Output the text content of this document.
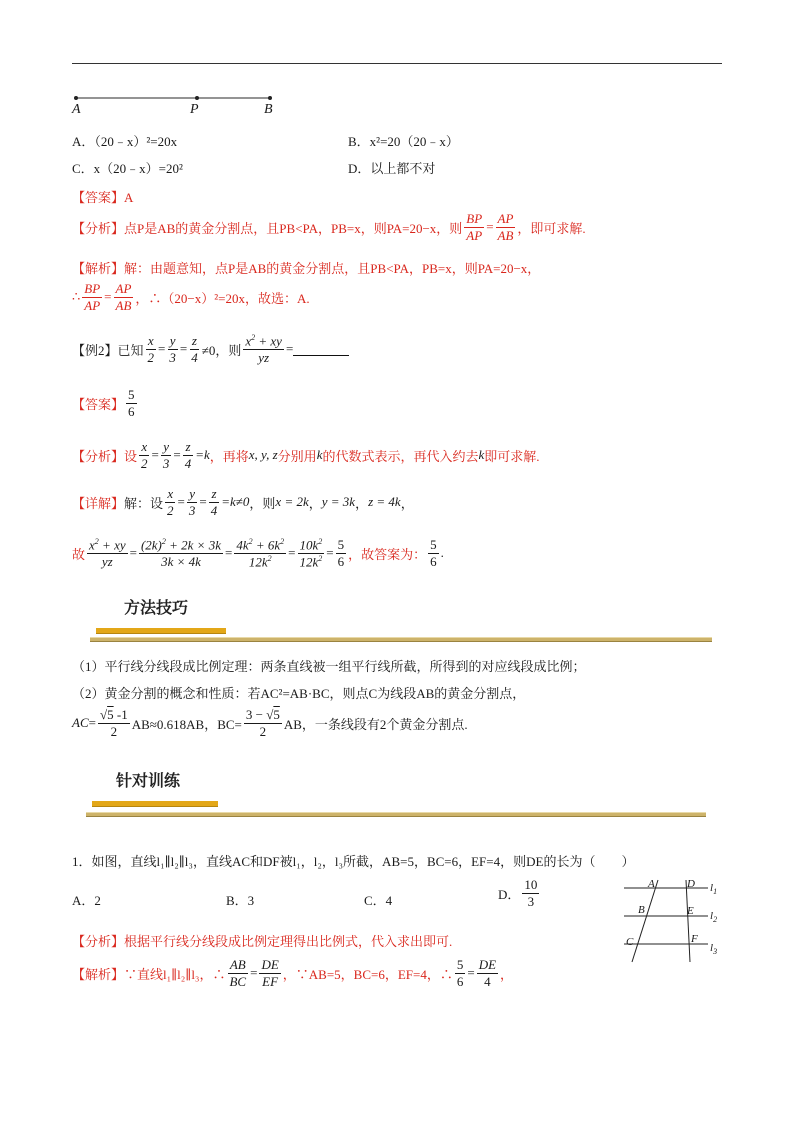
A	P	B
A．（20﹣x）²=20x	B．x²=20（20﹣x）
C．x（20﹣x）=20²	D．以上都不对
【答案】A
【分析】 点P是AB的黄金分割点，且PB<PA，PB=x，则PA=20−x，则 $\frac{BP}{AP} = \frac{AP}{AB}$ ，即可求解.
【解析】解：由题意知，点P是AB的黄金分割点，且PB<PA，PB=x，则PA=20−x，
∴ $\frac{BP}{AP} = \frac{AP}{AB}$ ，∴（20−x）²=20x，故选：A.
【例2】已知 $\frac{x}{2} = \frac{y}{3} = \frac{z}{4} \ne 0$，则 $\frac{x^2 + xy}{yz}$ =
【答案】 $\frac{5}{6}$
【分析】 设 $\frac{x}{2} = \frac{y}{3} = \frac{z}{4} =k$ ，再将 x, y, z 分别用 k 的代数式表示，再代入约去 k 即可求解.
【详解】 解：设 $\frac{x}{2} = \frac{y}{3} = \frac{z}{4} =k\ne 0$ ，则 x = 2k ， y = 3k ， z = 4k ，
故 $\frac{x^2 + xy}{yz} = \frac{(2k)^2 + 2k \times 3k}{3k \times 4k} = \frac{4k^2 + 6k^2}{12k^2} = \frac{10k^2}{12k^2} = \frac{5}{6}$ ，故答案为： $\frac{5}{6}$ .
方法技巧
（1）平行线分线段成比例定理：两条直线被一组平行线所截，所得到的对应线段成比例；
（2）黄金分割的概念和性质：若AC²=AB·BC，则点C为线段AB的黄金分割点，
AC = $\frac{√5 -1}{2} AB\approx 0.618AB$，$BC= \frac{3 - √5}{2}$ AB，一条线段有2个黄金分割点.
针对训练
1．如图，直线l₁∥l₂∥l₃，直线AC和DF被l₁，l₂，l₃所截，AB=5，BC=6，EF=4，则DE的长为（　　）
A．2	B．3	C．4	D． $\frac{10}{3}$	A	D
B	E
C	F
$l_1$
$l_2$
$l_3$
【分析】根据平行线分线段成比例定理得出比例式，代入求出即可.
【解析】 ∵直线l₁∥l₂∥l₃，∴ $\frac{AB}{BC} = \frac{DE}{EF}$ ，∵AB=5，BC=6，EF=4，∴ $\frac{5}{6} = \frac{DE}{4}$ ，
